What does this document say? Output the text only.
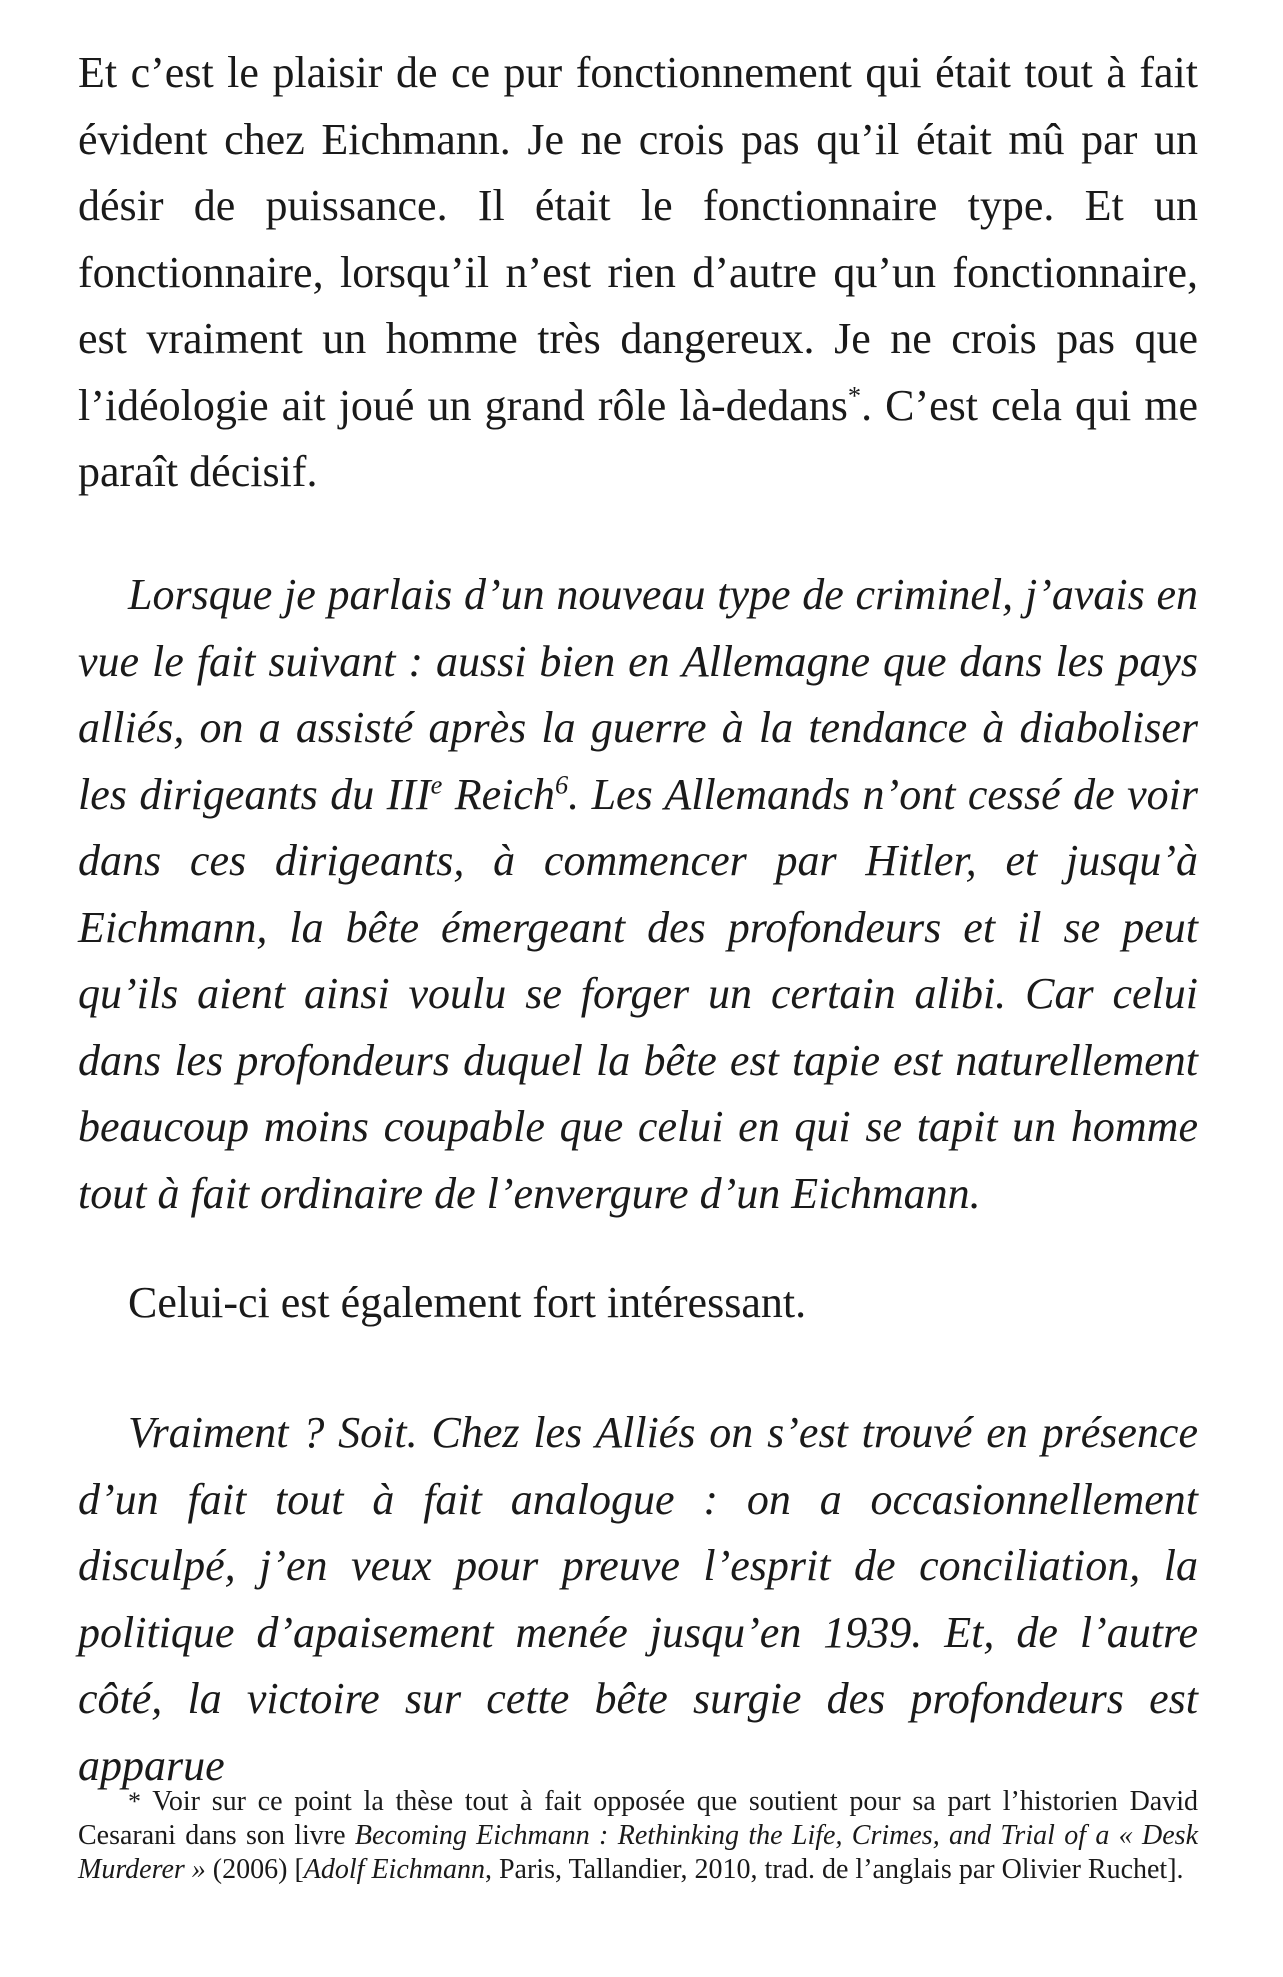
Et c’est le plaisir de ce pur fonctionnement qui était tout à fait évident chez Eichmann. Je ne crois pas qu’il était mû par un désir de puissance. Il était le fonctionnaire type. Et un fonctionnaire, lorsqu’il n’est rien d’autre qu’un fonctionnaire, est vraiment un homme très dangereux. Je ne crois pas que l’idéologie ait joué un grand rôle là-dedans*. C’est cela qui me paraît décisif.

Lorsque je parlais d’un nouveau type de criminel, j’avais en vue le fait suivant : aussi bien en Allemagne que dans les pays alliés, on a assisté après la guerre à la tendance à diaboliser les dirigeants du IIIe Reich$^6$. Les Allemands n’ont cessé de voir dans ces dirigeants, à commencer par Hitler, et jusqu’à Eichmann, la bête émergeant des profondeurs et il se peut qu’ils aient ainsi voulu se forger un certain alibi. Car celui dans les profondeurs duquel la bête est tapie est naturellement beaucoup moins coupable que celui en qui se tapit un homme tout à fait ordinaire de l’envergure d’un Eichmann.

Celui-ci est également fort intéressant.

Vraiment ? Soit. Chez les Alliés on s’est trouvé en présence d’un fait tout à fait analogue : on a occasionnellement disculpé, j’en veux pour preuve l’esprit de conciliation, la politique d’apaisement menée jusqu’en 1939. Et, de l’autre côté, la victoire sur cette bête surgie des profondeurs est apparue

* Voir sur ce point la thèse tout à fait opposée que soutient pour sa part l’historien David Cesarani dans son livre Becoming Eichmann : Rethinking the Life, Crimes, and Trial of a « Desk Murderer » (2006) [Adolf Eichmann, Paris, Tallandier, 2010, trad. de l’anglais par Olivier Ruchet].
